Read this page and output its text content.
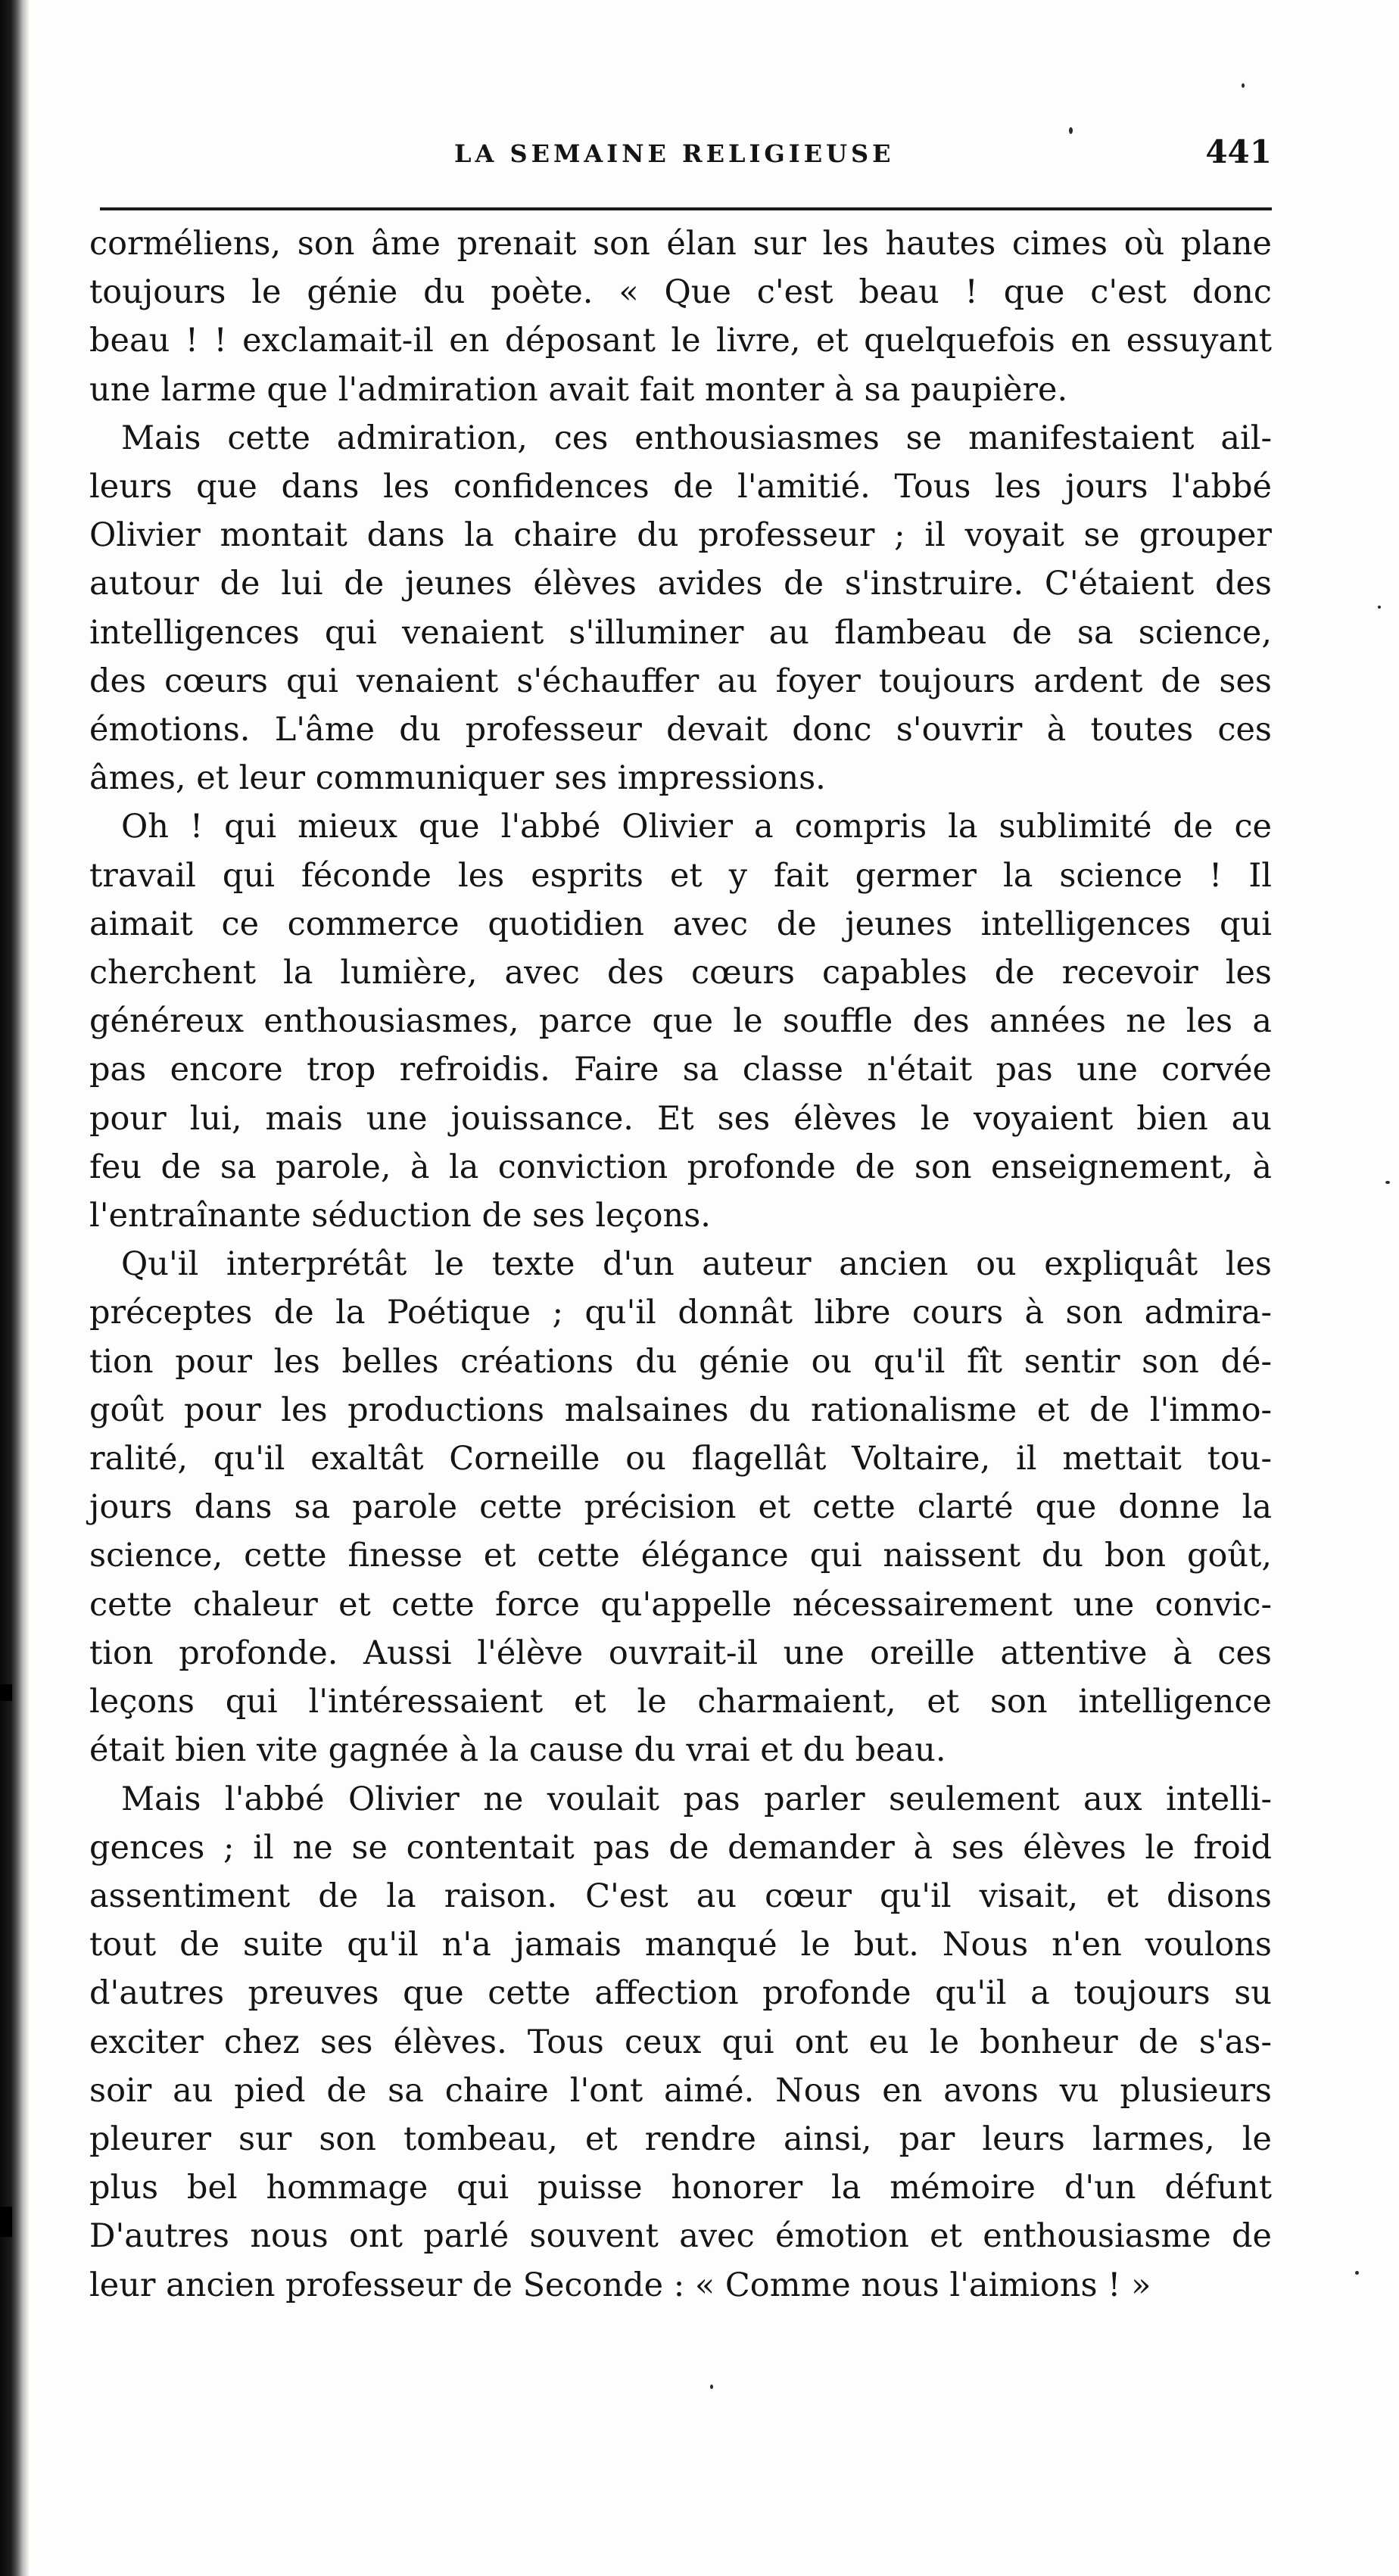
LA SEMAINE RELIGIEUSE	441
corméliens, son âme prenait son élan sur les hautes cimes où plane
toujours le génie du poète. « Que c'est beau ! que c'est donc
beau ! ! exclamait-il en déposant le livre, et quelquefois en essuyant
une larme que l'admiration avait fait monter à sa paupière.
Mais cette admiration, ces enthousiasmes se manifestaient ail-
leurs que dans les confidences de l'amitié. Tous les jours l'abbé
Olivier montait dans la chaire du professeur ; il voyait se grouper
autour de lui de jeunes élèves avides de s'instruire. C'étaient des
intelligences qui venaient s'illuminer au flambeau de sa science,
des cœurs qui venaient s'échauffer au foyer toujours ardent de ses
émotions. L'âme du professeur devait donc s'ouvrir à toutes ces
âmes, et leur communiquer ses impressions.
Oh ! qui mieux que l'abbé Olivier a compris la sublimité de ce
travail qui féconde les esprits et y fait germer la science ! Il
aimait ce commerce quotidien avec de jeunes intelligences qui
cherchent la lumière, avec des cœurs capables de recevoir les
généreux enthousiasmes, parce que le souffle des années ne les a
pas encore trop refroidis. Faire sa classe n'était pas une corvée
pour lui, mais une jouissance. Et ses élèves le voyaient bien au
feu de sa parole, à la conviction profonde de son enseignement, à
l'entraînante séduction de ses leçons.
Qu'il interprétât le texte d'un auteur ancien ou expliquât les
préceptes de la Poétique ; qu'il donnât libre cours à son admira-
tion pour les belles créations du génie ou qu'il fît sentir son dé-
goût pour les productions malsaines du rationalisme et de l'immo-
ralité, qu'il exaltât Corneille ou flagellât Voltaire, il mettait tou-
jours dans sa parole cette précision et cette clarté que donne la
science, cette finesse et cette élégance qui naissent du bon goût,
cette chaleur et cette force qu'appelle nécessairement une convic-
tion profonde. Aussi l'élève ouvrait-il une oreille attentive à ces
leçons qui l'intéressaient et le charmaient, et son intelligence
était bien vite gagnée à la cause du vrai et du beau.
Mais l'abbé Olivier ne voulait pas parler seulement aux intelli-
gences ; il ne se contentait pas de demander à ses élèves le froid
assentiment de la raison. C'est au cœur qu'il visait, et disons
tout de suite qu'il n'a jamais manqué le but. Nous n'en voulons
d'autres preuves que cette affection profonde qu'il a toujours su
exciter chez ses élèves. Tous ceux qui ont eu le bonheur de s'as-
soir au pied de sa chaire l'ont aimé. Nous en avons vu plusieurs
pleurer sur son tombeau, et rendre ainsi, par leurs larmes, le
plus bel hommage qui puisse honorer la mémoire d'un défunt
D'autres nous ont parlé souvent avec émotion et enthousiasme de
leur ancien professeur de Seconde : « Comme nous l'aimions ! »
